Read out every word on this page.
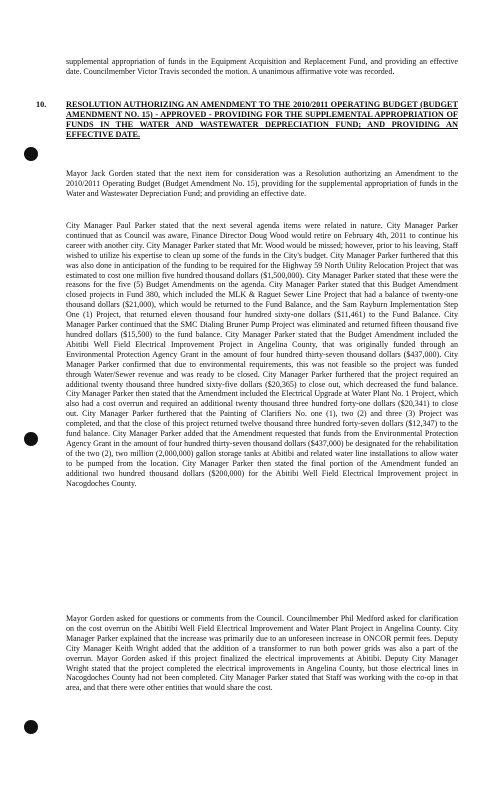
supplemental appropriation of funds in the Equipment Acquisition and Replacement Fund, and providing an effective date. Councilmember Victor Travis seconded the motion. A unanimous affirmative vote was recorded.

10. RESOLUTION AUTHORIZING AN AMENDMENT TO THE 2010/2011 OPERATING BUDGET (BUDGET AMENDMENT NO. 15) - APPROVED - PROVIDING FOR THE SUPPLEMENTAL APPROPRIATION OF FUNDS IN THE WATER AND WASTEWATER DEPRECIATION FUND; AND PROVIDING AN EFFECTIVE DATE.

Mayor Jack Gorden stated that the next item for consideration was a Resolution authorizing an Amendment to the 2010/2011 Operating Budget (Budget Amendment No. 15), providing for the supplemental appropriation of funds in the Water and Wastewater Depreciation Fund; and providing an effective date.

City Manager Paul Parker stated that the next several agenda items were related in nature. City Manager Parker continued that as Council was aware, Finance Director Doug Wood would retire on February 4th, 2011 to continue his career with another city. City Manager Parker stated that Mr. Wood would be missed; however, prior to his leaving, Staff wished to utilize his expertise to clean up some of the funds in the City's budget. City Manager Parker furthered that this was also done in anticipation of the funding to be required for the Highway 59 North Utility Relocation Project that was estimated to cost one million five hundred thousand dollars ($1,500,000). City Manager Parker stated that these were the reasons for the five (5) Budget Amendments on the agenda. City Manager Parker stated that this Budget Amendment closed projects in Fund 380, which included the MLK & Raguet Sewer Line Project that had a balance of twenty-one thousand dollars ($21,000), which would be returned to the Fund Balance, and the Sam Rayburn Implementation Step One (1) Project, that returned eleven thousand four hundred sixty-one dollars ($11,461) to the Fund Balance. City Manager Parker continued that the SMC Dialing Bruner Pump Project was eliminated and returned fifteen thousand five hundred dollars ($15,500) to the fund balance. City Manager Parker stated that the Budget Amendment included the Abitibi Well Field Electrical Improvement Project in Angelina County, that was originally funded through an Environmental Protection Agency Grant in the amount of four hundred thirty-seven thousand dollars ($437,000). City Manager Parker confirmed that due to environmental requirements, this was not feasible so the project was funded through Water/Sewer revenue and was ready to be closed. City Manager Parker furthered that the project required an additional twenty thousand three hundred sixty-five dollars ($20,365) to close out, which decreased the fund balance. City Manager Parker then stated that the Amendment included the Electrical Upgrade at Water Plant No. 1 Project, which also had a cost overrun and required an additional twenty thousand three hundred forty-one dollars ($20,341) to close out. City Manager Parker furthered that the Painting of Clarifiers No. one (1), two (2) and three (3) Project was completed, and that the close of this project returned twelve thousand three hundred forty-seven dollars ($12,347) to the fund balance. City Manager Parker added that the Amendment requested that funds from the Environmental Protection Agency Grant in the amount of four hundred thirty-seven thousand dollars ($437,000) be designated for the rehabilitation of the two (2), two million (2,000,000) gallon storage tanks at Abitibi and related water line installations to allow water to be pumped from the location. City Manager Parker then stated the final portion of the Amendment funded an additional two hundred thousand dollars ($200,000) for the Abitibi Well Field Electrical Improvement project in Nacogdoches County.

Mayor Gorden asked for questions or comments from the Council. Councilmember Phil Medford asked for clarification on the cost overrun on the Abitibi Well Field Electrical Improvement and Water Plant Project in Angelina County. City Manager Parker explained that the increase was primarily due to an unforeseen increase in ONCOR permit fees. Deputy City Manager Keith Wright added that the addition of a transformer to run both power grids was also a part of the overrun. Mayor Gorden asked if this project finalized the electrical improvements at Abitibi. Deputy City Manager Wright stated that the project completed the electrical improvements in Angelina County, but those electrical lines in Nacogdoches County had not been completed. City Manager Parker stated that Staff was working with the co-op in that area, and that there were other entities that would share the cost.
